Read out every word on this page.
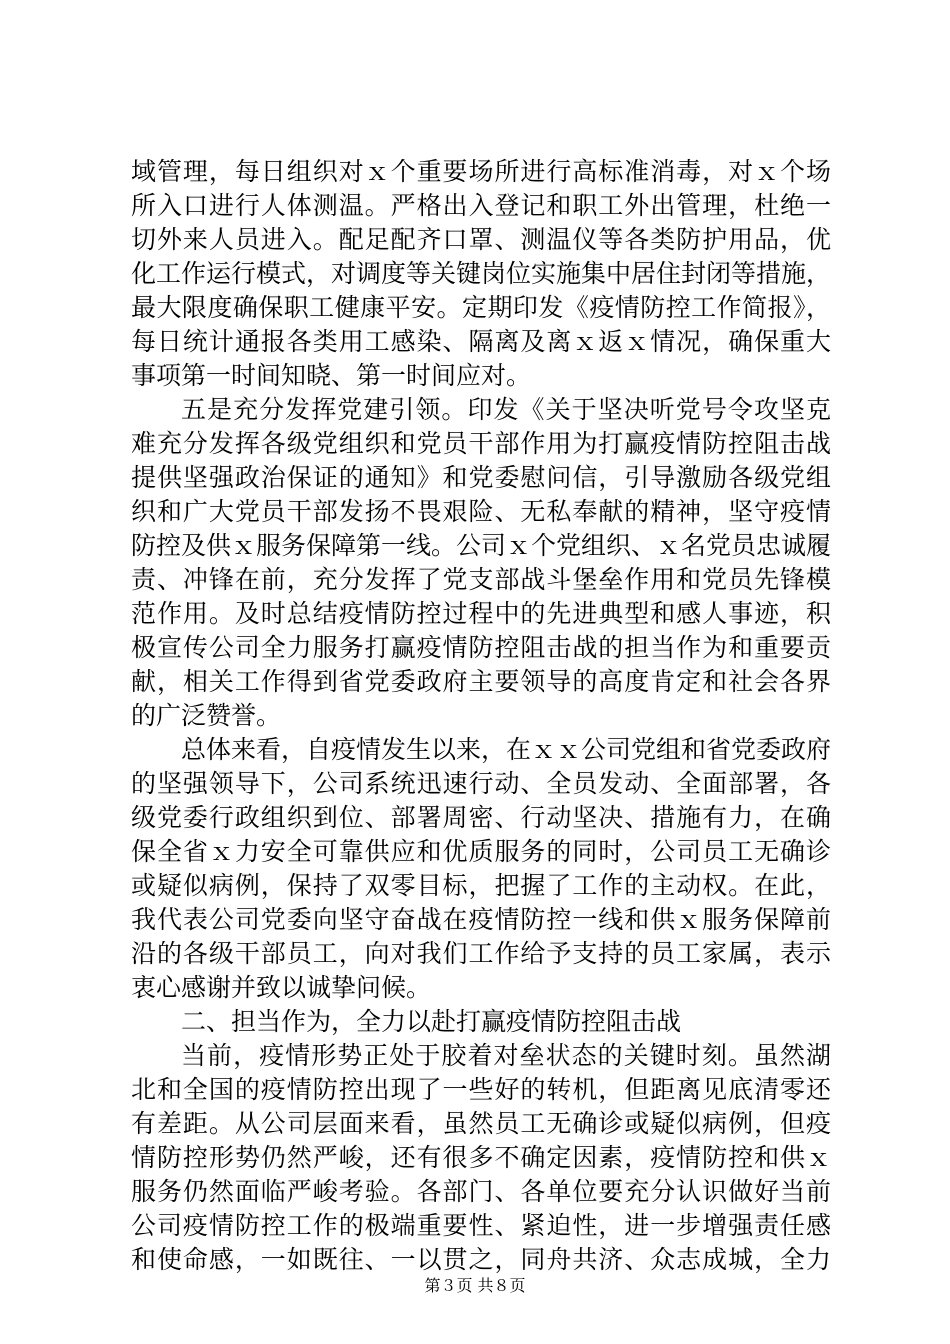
域管理，每日组织对ｘ个重要场所进行高标准消毒，对ｘ个场
所入口进行人体测温。严格出入登记和职工外出管理，杜绝一
切外来人员进入。配足配齐口罩、测温仪等各类防护用品，优
化工作运行模式，对调度等关键岗位实施集中居住封闭等措施，
最大限度确保职工健康平安。定期印发《疫情防控工作简报》，
每日统计通报各类用工感染、隔离及离ｘ返ｘ情况，确保重大
事项第一时间知晓、第一时间应对。
五是充分发挥党建引领。印发《关于坚决听党号令攻坚克
难充分发挥各级党组织和党员干部作用为打赢疫情防控阻击战
提供坚强政治保证的通知》和党委慰问信，引导激励各级党组
织和广大党员干部发扬不畏艰险、无私奉献的精神，坚守疫情
防控及供ｘ服务保障第一线。公司ｘ个党组织、ｘ名党员忠诚履
责、冲锋在前，充分发挥了党支部战斗堡垒作用和党员先锋模
范作用。及时总结疫情防控过程中的先进典型和感人事迹，积
极宣传公司全力服务打赢疫情防控阻击战的担当作为和重要贡
献，相关工作得到省党委政府主要领导的高度肯定和社会各界
的广泛赞誉。
总体来看，自疫情发生以来，在ｘｘ公司党组和省党委政府
的坚强领导下，公司系统迅速行动、全员发动、全面部署，各
级党委行政组织到位、部署周密、行动坚决、措施有力，在确
保全省ｘ力安全可靠供应和优质服务的同时，公司员工无确诊
或疑似病例，保持了双零目标，把握了工作的主动权。在此，
我代表公司党委向坚守奋战在疫情防控一线和供ｘ服务保障前
沿的各级干部员工，向对我们工作给予支持的员工家属，表示
衷心感谢并致以诚挚问候。
二、担当作为，全力以赴打赢疫情防控阻击战
当前，疫情形势正处于胶着对垒状态的关键时刻。虽然湖
北和全国的疫情防控出现了一些好的转机，但距离见底清零还
有差距。从公司层面来看，虽然员工无确诊或疑似病例，但疫
情防控形势仍然严峻，还有很多不确定因素，疫情防控和供ｘ
服务仍然面临严峻考验。各部门、各单位要充分认识做好当前
公司疫情防控工作的极端重要性、紧迫性，进一步增强责任感
和使命感，一如既往、一以贯之，同舟共济、众志成城，全力
第３页 共８页
